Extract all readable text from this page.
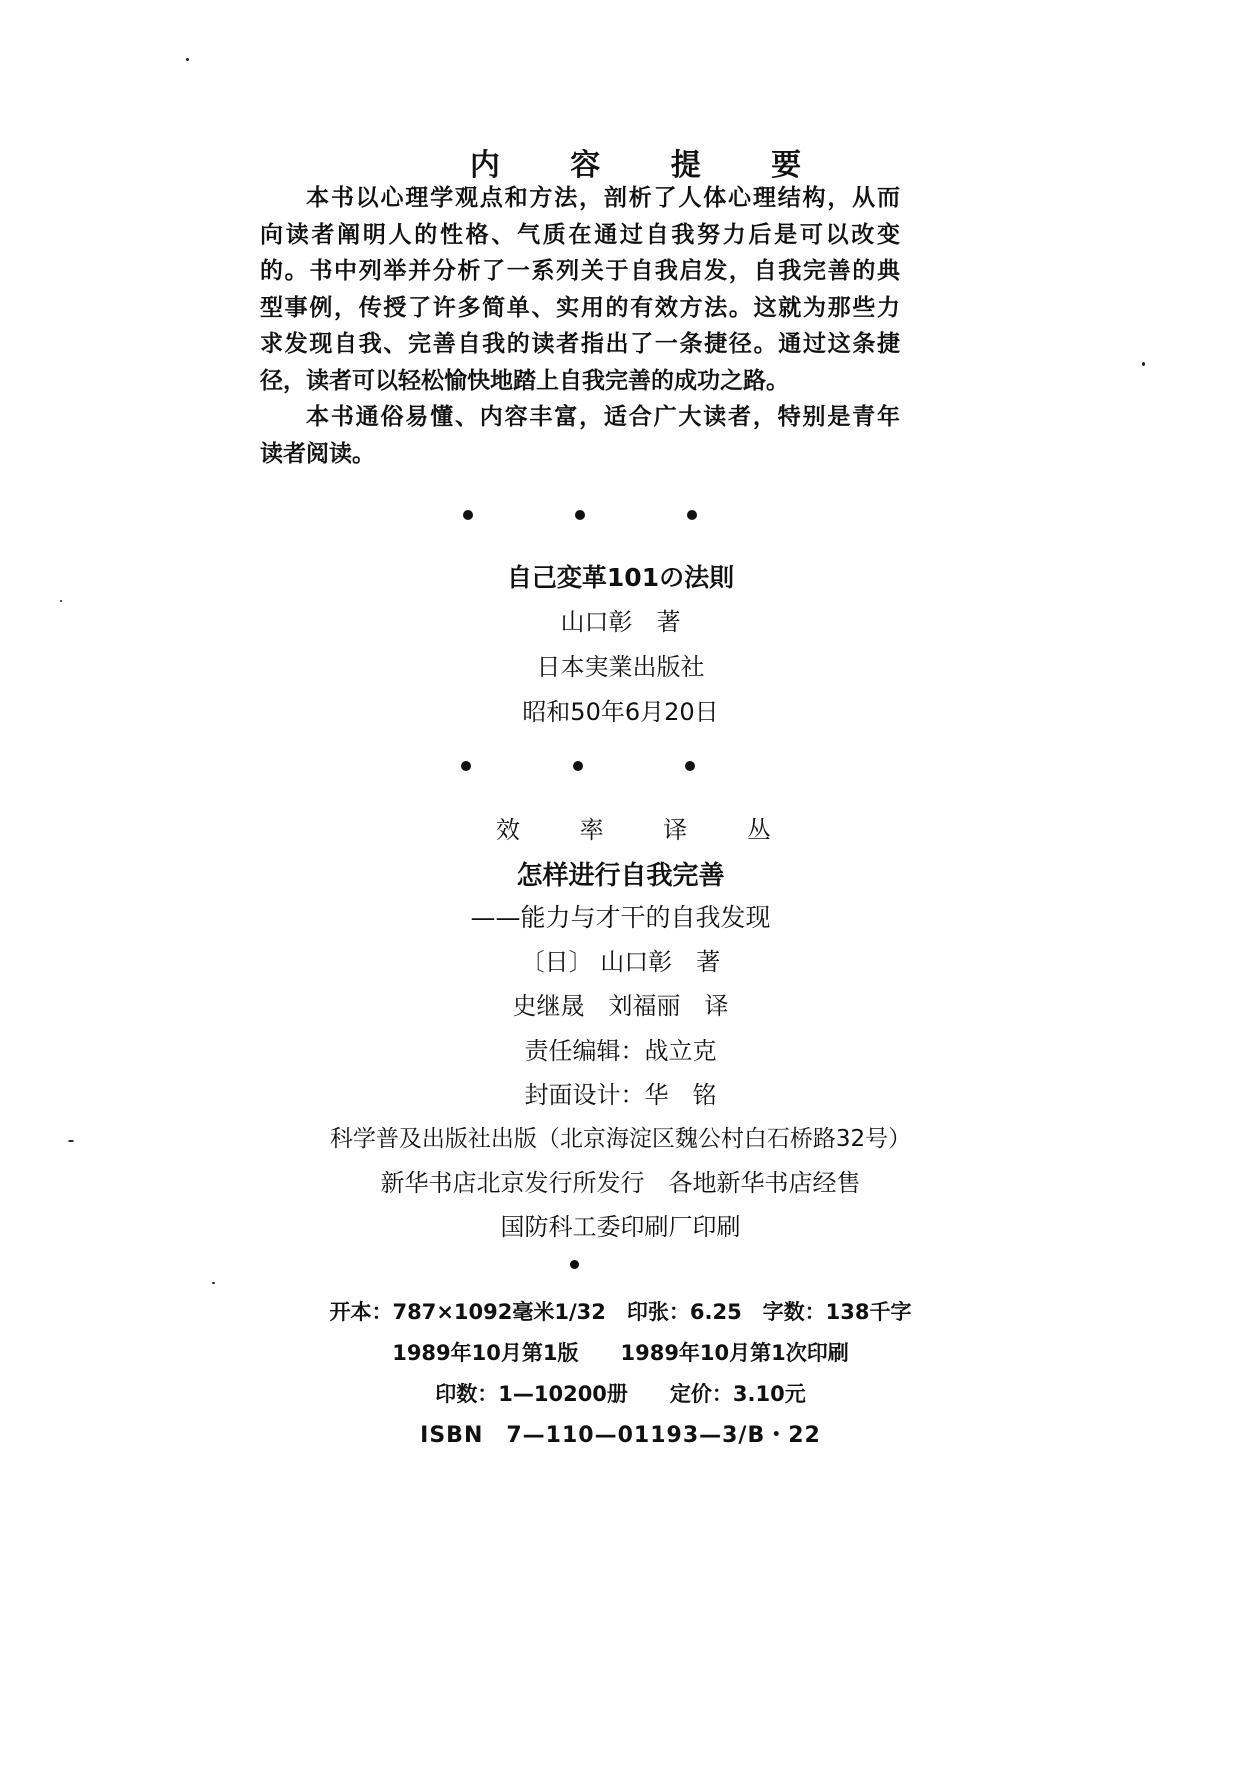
内 容 提 要
本书以心理学观点和方法，剖析了人体心理结构，从而
向读者阐明人的性格、气质在通过自我努力后是可以改变
的。书中列举并分析了一系列关于自我启发，自我完善的典
型事例，传授了许多简单、实用的有效方法。这就为那些力
求发现自我、完善自我的读者指出了一条捷径。通过这条捷
径，读者可以轻松愉快地踏上自我完善的成功之路。
本书通俗易懂、内容丰富，适合广大读者，特别是青年
读者阅读。
自己変革101の法則
山口彰　著
日本実業出版社
昭和50年6月20日
效 率 译 丛
怎样进行自我完善
——能力与才干的自我发现
〔日〕 山口彰　著
史继晟　刘福丽　译
责任编辑：战立克
封面设计：华　铭
科学普及出版社出版（北京海淀区魏公村白石桥路32号）
新华书店北京发行所发行　各地新华书店经售
国防科工委印刷厂印刷
开本：787×1092毫米1/32　印张：6.25　字数：138千字
1989年10月第1版　　1989年10月第1次印刷
印数：1—10200册　　定价：3.10元
ISBN　7—110—01193—3/B・22
